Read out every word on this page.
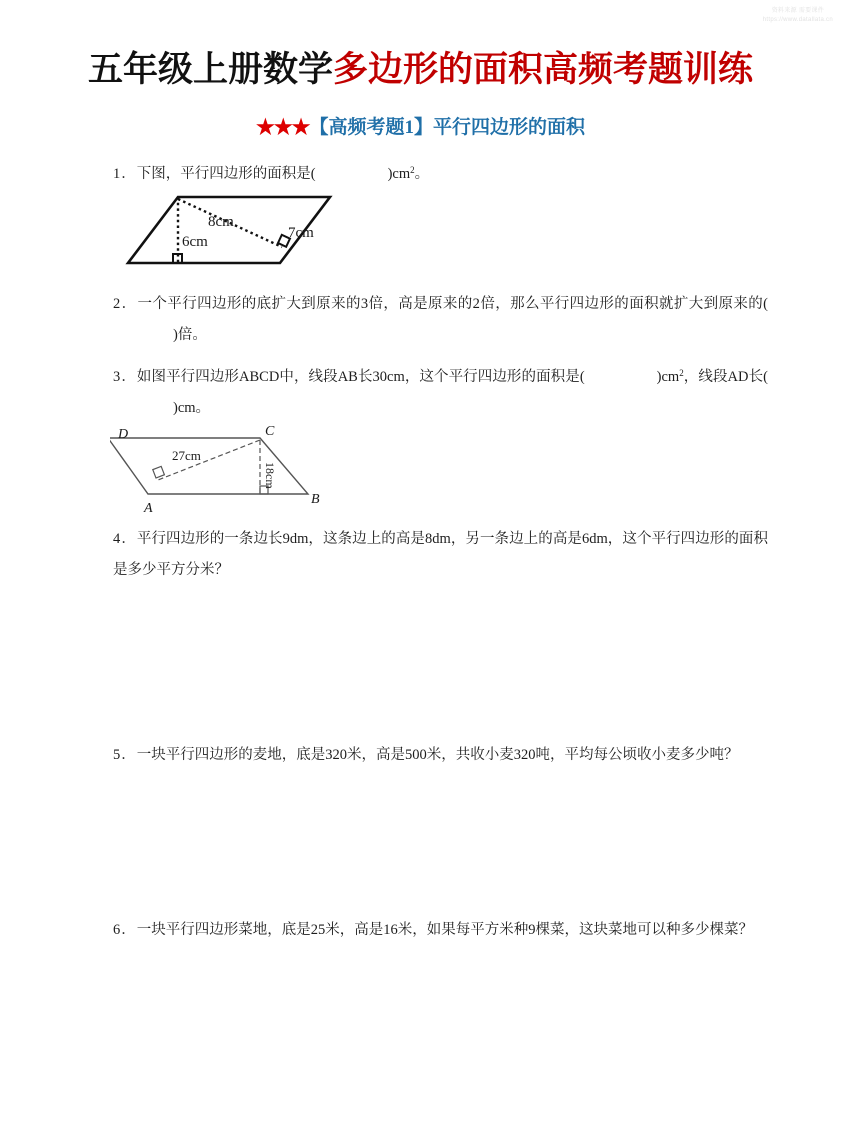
资料来源 需要课件
https://www.datallata.cn
五年级上册数学多边形的面积高频考题训练
★★★【高频考题1】平行四边形的面积
1．下图，平行四边形的面积是(	)$cm^2$。
6cm
8cm
7cm
2．一个平行四边形的底扩大到原来的3倍，高是原来的2倍，那么平行四边形的面积就扩大到原来的()倍。
3．如图平行四边形ABCD中，线段AB长30cm，这个平行四边形的面积是(	)$cm^2$，线段AD长()cm。
D	C
A
B
27cm
18cm
4．平行四边形的一条边长9dm，这条边上的高是8dm，另一条边上的高是6dm，这个平行四边形的面积是多少平方分米？
5．一块平行四边形的麦地，底是320米，高是500米，共收小麦320吨，平均每公顷收小麦多少吨？
6．一块平行四边形菜地，底是25米，高是16米，如果每平方米种9棵菜，这块菜地可以种多少棵菜？
